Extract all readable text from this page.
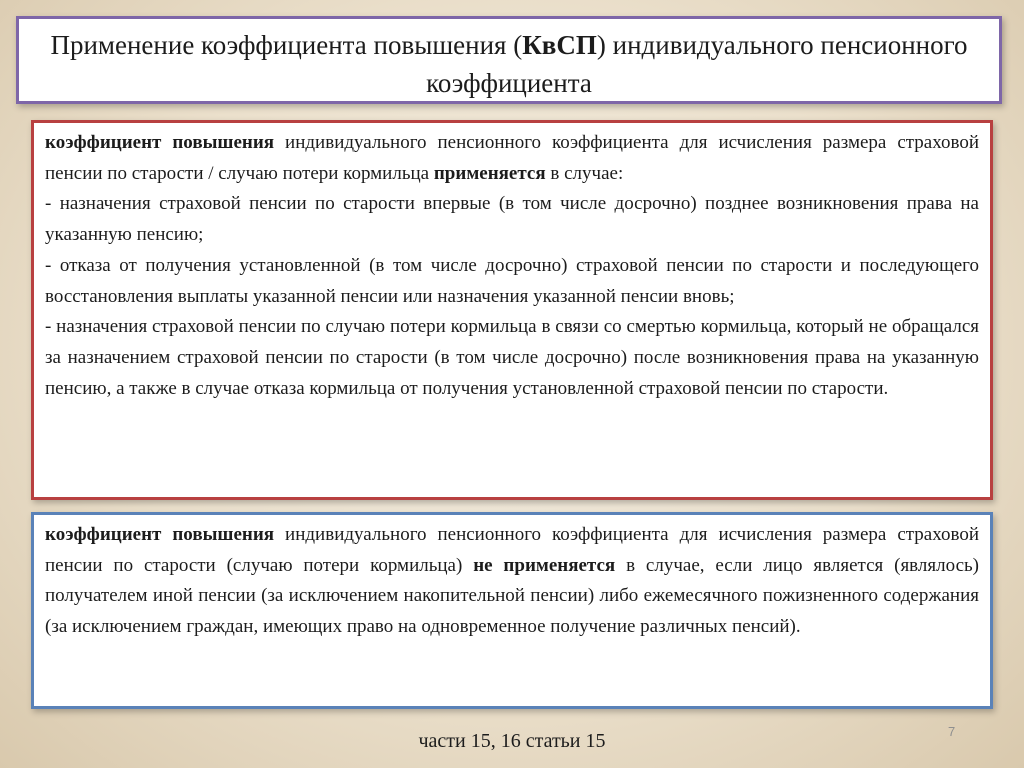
Применение коэффициента повышения (КвСП) индивидуального пенсионного коэффициента

коэффициент повышения индивидуального пенсионного коэффициента для исчисления размера страховой пенсии по старости / случаю потери кормильца применяется в случае:

- назначения страховой пенсии по старости впервые (в том числе досрочно) позднее возникновения права на указанную пенсию;

- отказа от получения установленной (в том числе досрочно) страховой пенсии по старости и последующего восстановления выплаты указанной пенсии или назначения указанной пенсии вновь;

- назначения страховой пенсии по случаю потери кормильца в связи со смертью кормильца, который не обращался за назначением страховой пенсии по старости (в том числе досрочно) после возникновения права на указанную пенсию, а также в случае отказа кормильца от получения установленной страховой пенсии по старости.

коэффициент повышения индивидуального пенсионного коэффициента для исчисления размера страховой пенсии по старости (случаю потери кормильца) не применяется в случае, если лицо является (являлось) получателем иной пенсии (за исключением накопительной пенсии) либо ежемесячного пожизненного содержания (за исключением граждан, имеющих право на одновременное получение различных пенсий).

части 15, 16 статьи 15	7
